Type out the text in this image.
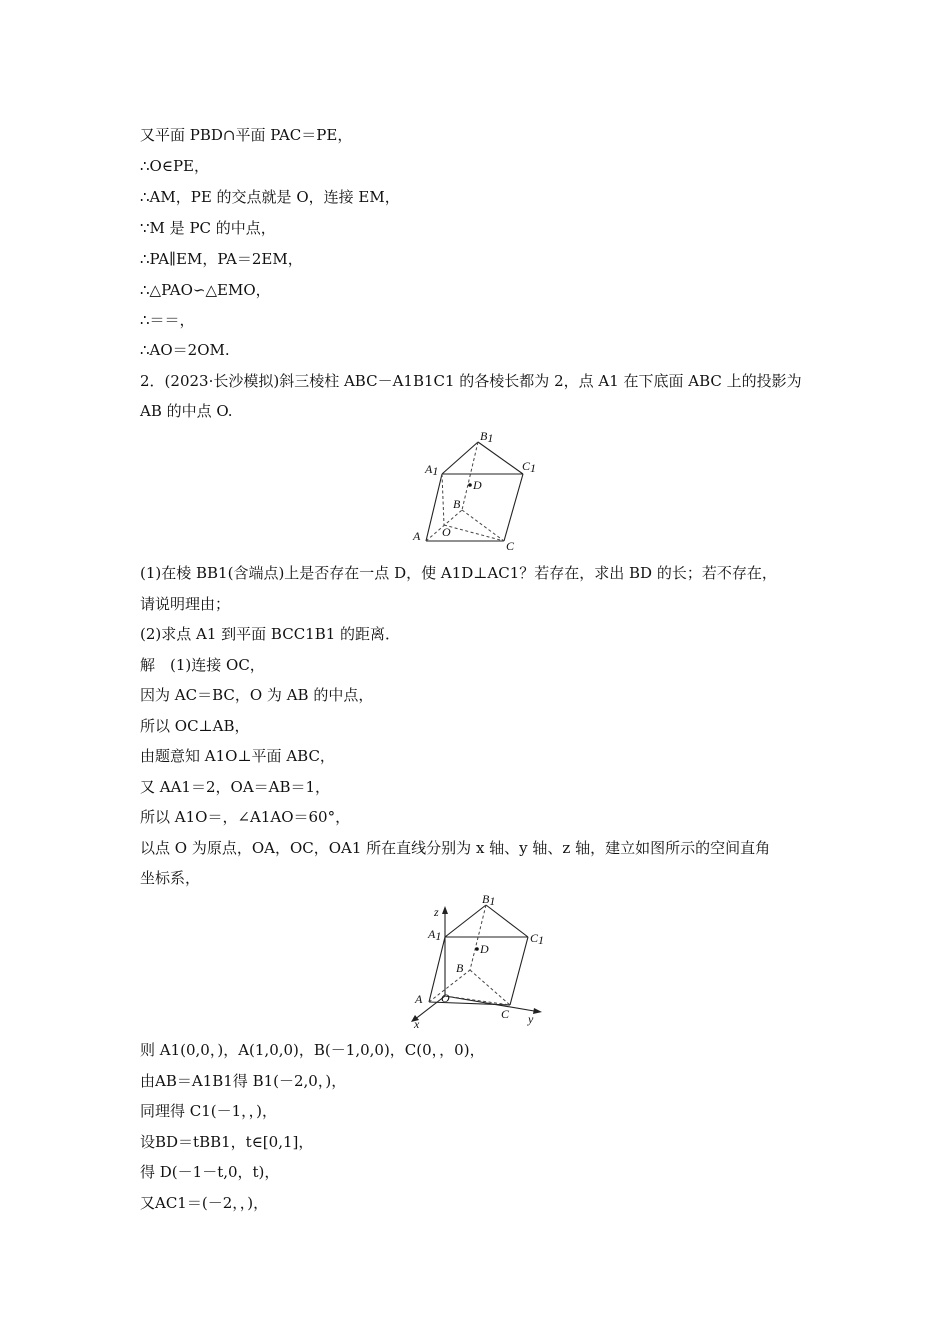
又平面 PBD∩平面 PAC＝PE，
∴O∈PE，
∴AM，PE 的交点就是 O，连接 EM，
∵M 是 PC 的中点，
∴PA∥EM，PA＝2EM，
∴△PAO∽△EMO，
∴＝＝，
∴AO＝2OM.
2．(2023·长沙模拟)斜三棱柱 ABC－A1B1C1 的各棱长都为 2，点 A1 在下底面 ABC 上的投影为
AB 的中点 O.
B1
C1
A1
D
B
O
A
C
(1)在棱 BB1(含端点)上是否存在一点 D，使 A1D⊥AC1？若存在，求出 BD 的长；若不存在，
请说明理由；
(2)求点 A1 到平面 BCC1B1 的距离．
解　(1)连接 OC，
因为 AC＝BC，O 为 AB 的中点，
所以 OC⊥AB，
由题意知 A1O⊥平面 ABC，
又 AA1＝2，OA＝AB＝1，
所以 A1O＝，∠A1AO＝60°，
以点 O 为原点，OA，OC，OA1 所在直线分别为 x 轴、y 轴、z 轴，建立如图所示的空间直角
坐标系，
z
B1
C1
A1
D
B
O
A
C y
x
则 A1(0,0，)，A(1,0,0)，B(－1,0,0)，C(0，，0)，
由AB＝A1B1得 B1(－2,0，)，
同理得 C1(－1，，)，
设BD＝tBB1，t∈[0,1]，
得 D(－1－t,0，t)，
又AC1＝(－2，，)，
